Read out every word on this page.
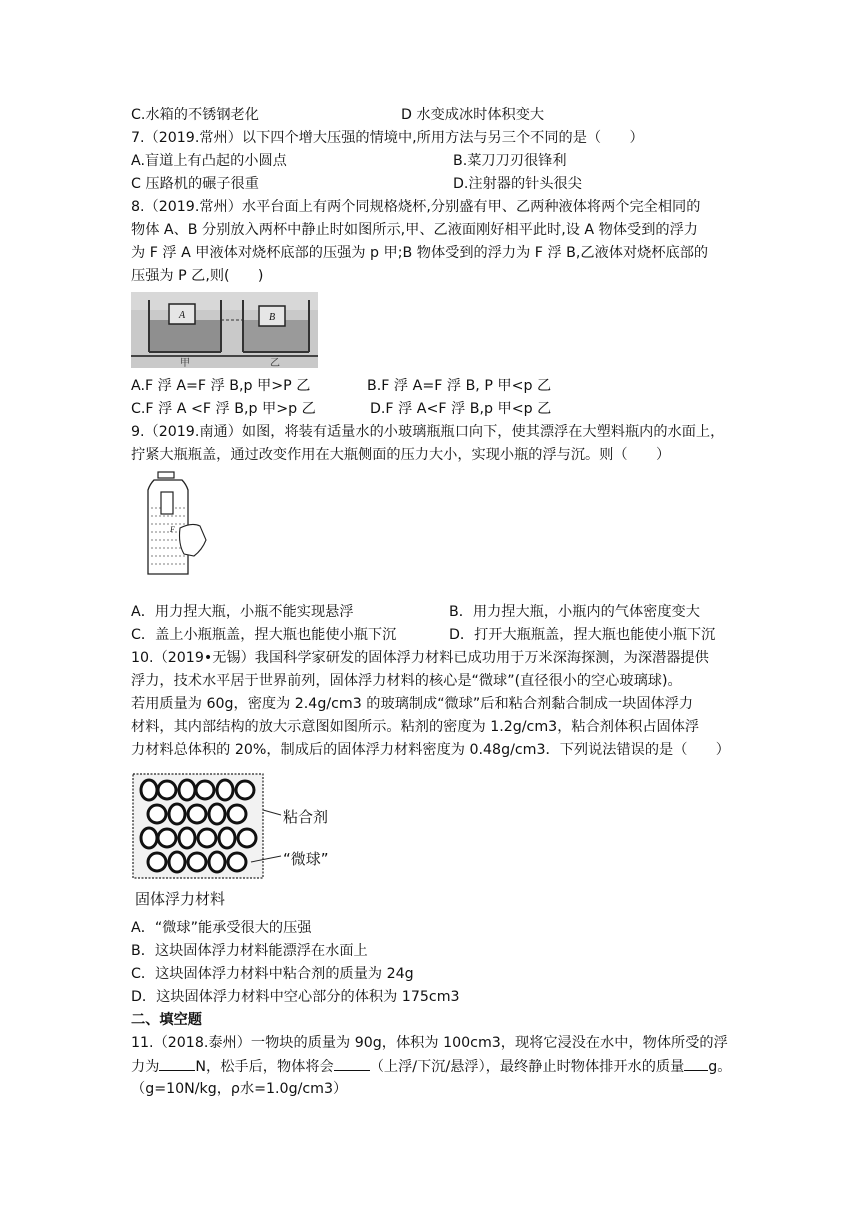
C.水箱的不锈钢老化	D 水变成冰时体积变大
7.（2019.常州）以下四个增大压强的情境中,所用方法与另三个不同的是（　　）
A.盲道上有凸起的小圆点	B.菜刀刀刃很锋利
C 压路机的碾子很重	D.注射器的针头很尖
8.（2019.常州）水平台面上有两个同规格烧杯,分别盛有甲、乙两种液体将两个完全相同的
物体 A、B 分别放入两杯中静止时如图所示,甲、乙液面刚好相平此时,设 A 物体受到的浮力
为 F 浮 A 甲液体对烧杯底部的压强为 p 甲;B 物体受到的浮力为 F 浮 B,乙液体对烧杯底部的
压强为 P 乙,则(　　)
A	B
甲	乙
A.F 浮 A=F 浮 B,p 甲>P 乙	B.F 浮 A=F 浮 B, P 甲<p 乙
C.F 浮 A <F 浮 B,p 甲>p 乙	D.F 浮 A<F 浮 B,p 甲<p 乙
9.（2019.南通）如图，将装有适量水的小玻璃瓶瓶口向下，使其漂浮在大塑料瓶内的水面上，
拧紧大瓶瓶盖，通过改变作用在大瓶侧面的压力大小，实现小瓶的浮与沉。则（　　）
F
A．用力捏大瓶，小瓶不能实现悬浮	B．用力捏大瓶，小瓶内的气体密度变大
C．盖上小瓶瓶盖，捏大瓶也能使小瓶下沉	D．打开大瓶瓶盖，捏大瓶也能使小瓶下沉
10.（2019•无锡）我国科学家研发的固体浮力材料已成功用于万米深海探测，为深潜器提供
浮力，技术水平居于世界前列，固体浮力材料的核心是“微球”(直径很小的空心玻璃球)。
若用质量为 60g，密度为 2.4g/cm3 的玻璃制成“微球”后和粘合剂黏合制成一块固体浮力
材料，其内部结构的放大示意图如图所示。粘剂的密度为 1.2g/cm3，粘合剂体积占固体浮
力材料总体积的 20%，制成后的固体浮力材料密度为 0.48g/cm3．下列说法错误的是（　　）
粘合剂
“微球”
固体浮力材料
A．“微球”能承受很大的压强
B．这块固体浮力材料能漂浮在水面上
C．这块固体浮力材料中粘合剂的质量为 24g
D．这块固体浮力材料中空心部分的体积为 175cm3
二、填空题
11.（2018.泰州）一物块的质量为 90g，体积为 100cm3，现将它浸没在水中，物体所受的浮
力为	N，松手后，物体将会	（上浮/下沉/悬浮），最终静止时物体排开水的质量 g。
（g=10N/kg，ρ水=1.0g/cm3）
